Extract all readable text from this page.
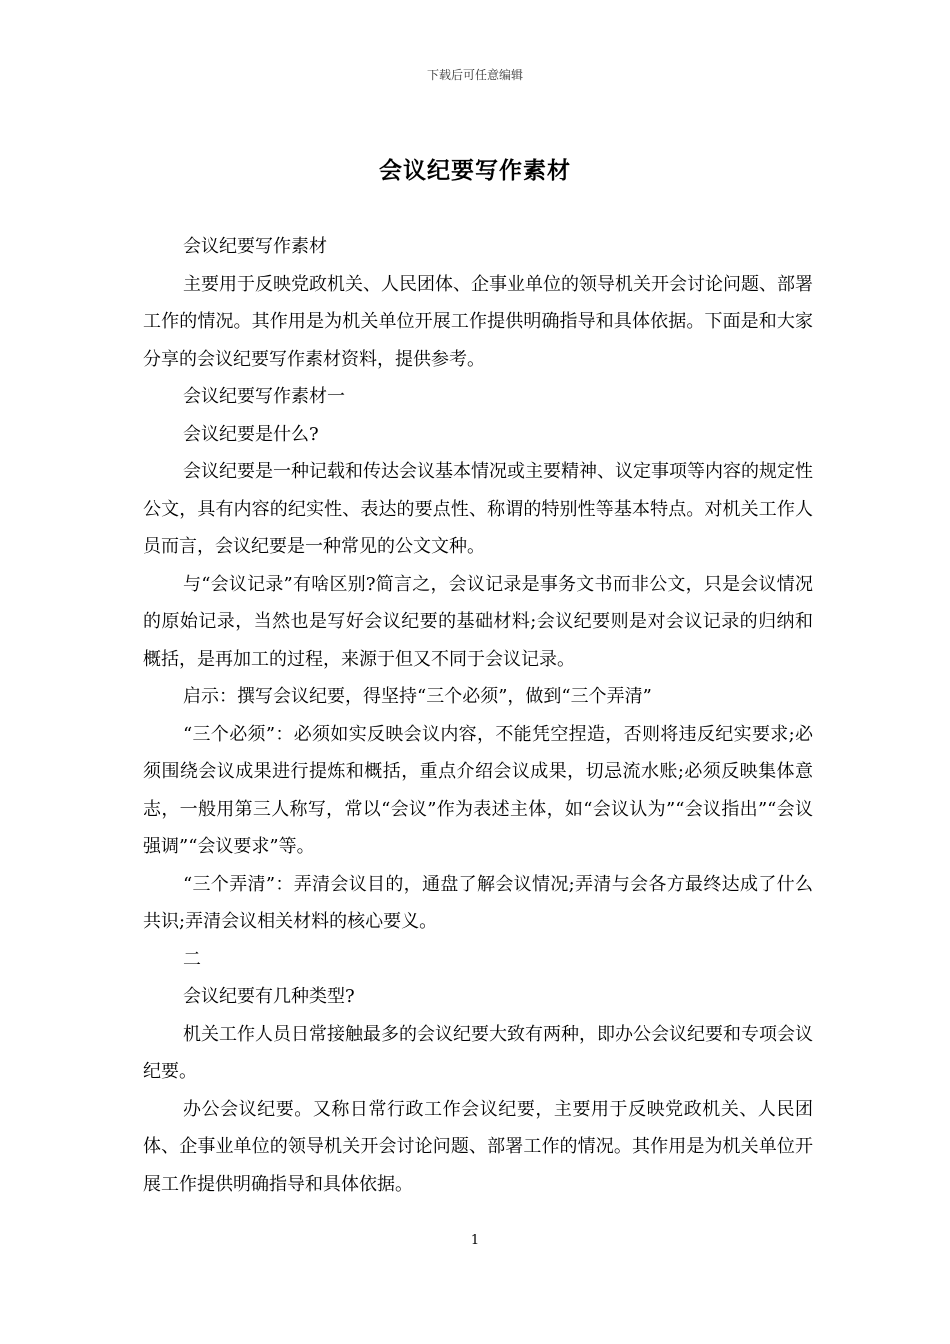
下载后可任意编辑
会议纪要写作素材

会议纪要写作素材

主要用于反映党政机关、人民团体、企事业单位的领导机关开会讨论问题、部署工作的情况。其作用是为机关单位开展工作提供明确指导和具体依据。下面是和大家分享的会议纪要写作素材资料，提供参考。

会议纪要写作素材一

会议纪要是什么?

会议纪要是一种记载和传达会议基本情况或主要精神、议定事项等内容的规定性公文，具有内容的纪实性、表达的要点性、称谓的特别性等基本特点。对机关工作人员而言，会议纪要是一种常见的公文文种。

与“会议记录”有啥区别?简言之，会议记录是事务文书而非公文，只是会议情况的原始记录，当然也是写好会议纪要的基础材料;会议纪要则是对会议记录的归纳和概括，是再加工的过程，来源于但又不同于会议记录。

启示：撰写会议纪要，得坚持“三个必须”，做到“三个弄清”

“三个必须”：必须如实反映会议内容，不能凭空捏造，否则将违反纪实要求;必须围绕会议成果进行提炼和概括，重点介绍会议成果，切忌流水账;必须反映集体意志，一般用第三人称写，常以“会议”作为表述主体，如“会议认为”“会议指出”“会议强调”“会议要求”等。

“三个弄清”：弄清会议目的，通盘了解会议情况;弄清与会各方最终达成了什么共识;弄清会议相关材料的核心要义。

二

会议纪要有几种类型?

机关工作人员日常接触最多的会议纪要大致有两种，即办公会议纪要和专项会议纪要。

办公会议纪要。又称日常行政工作会议纪要，主要用于反映党政机关、人民团体、企事业单位的领导机关开会讨论问题、部署工作的情况。其作用是为机关单位开展工作提供明确指导和具体依据。

1
